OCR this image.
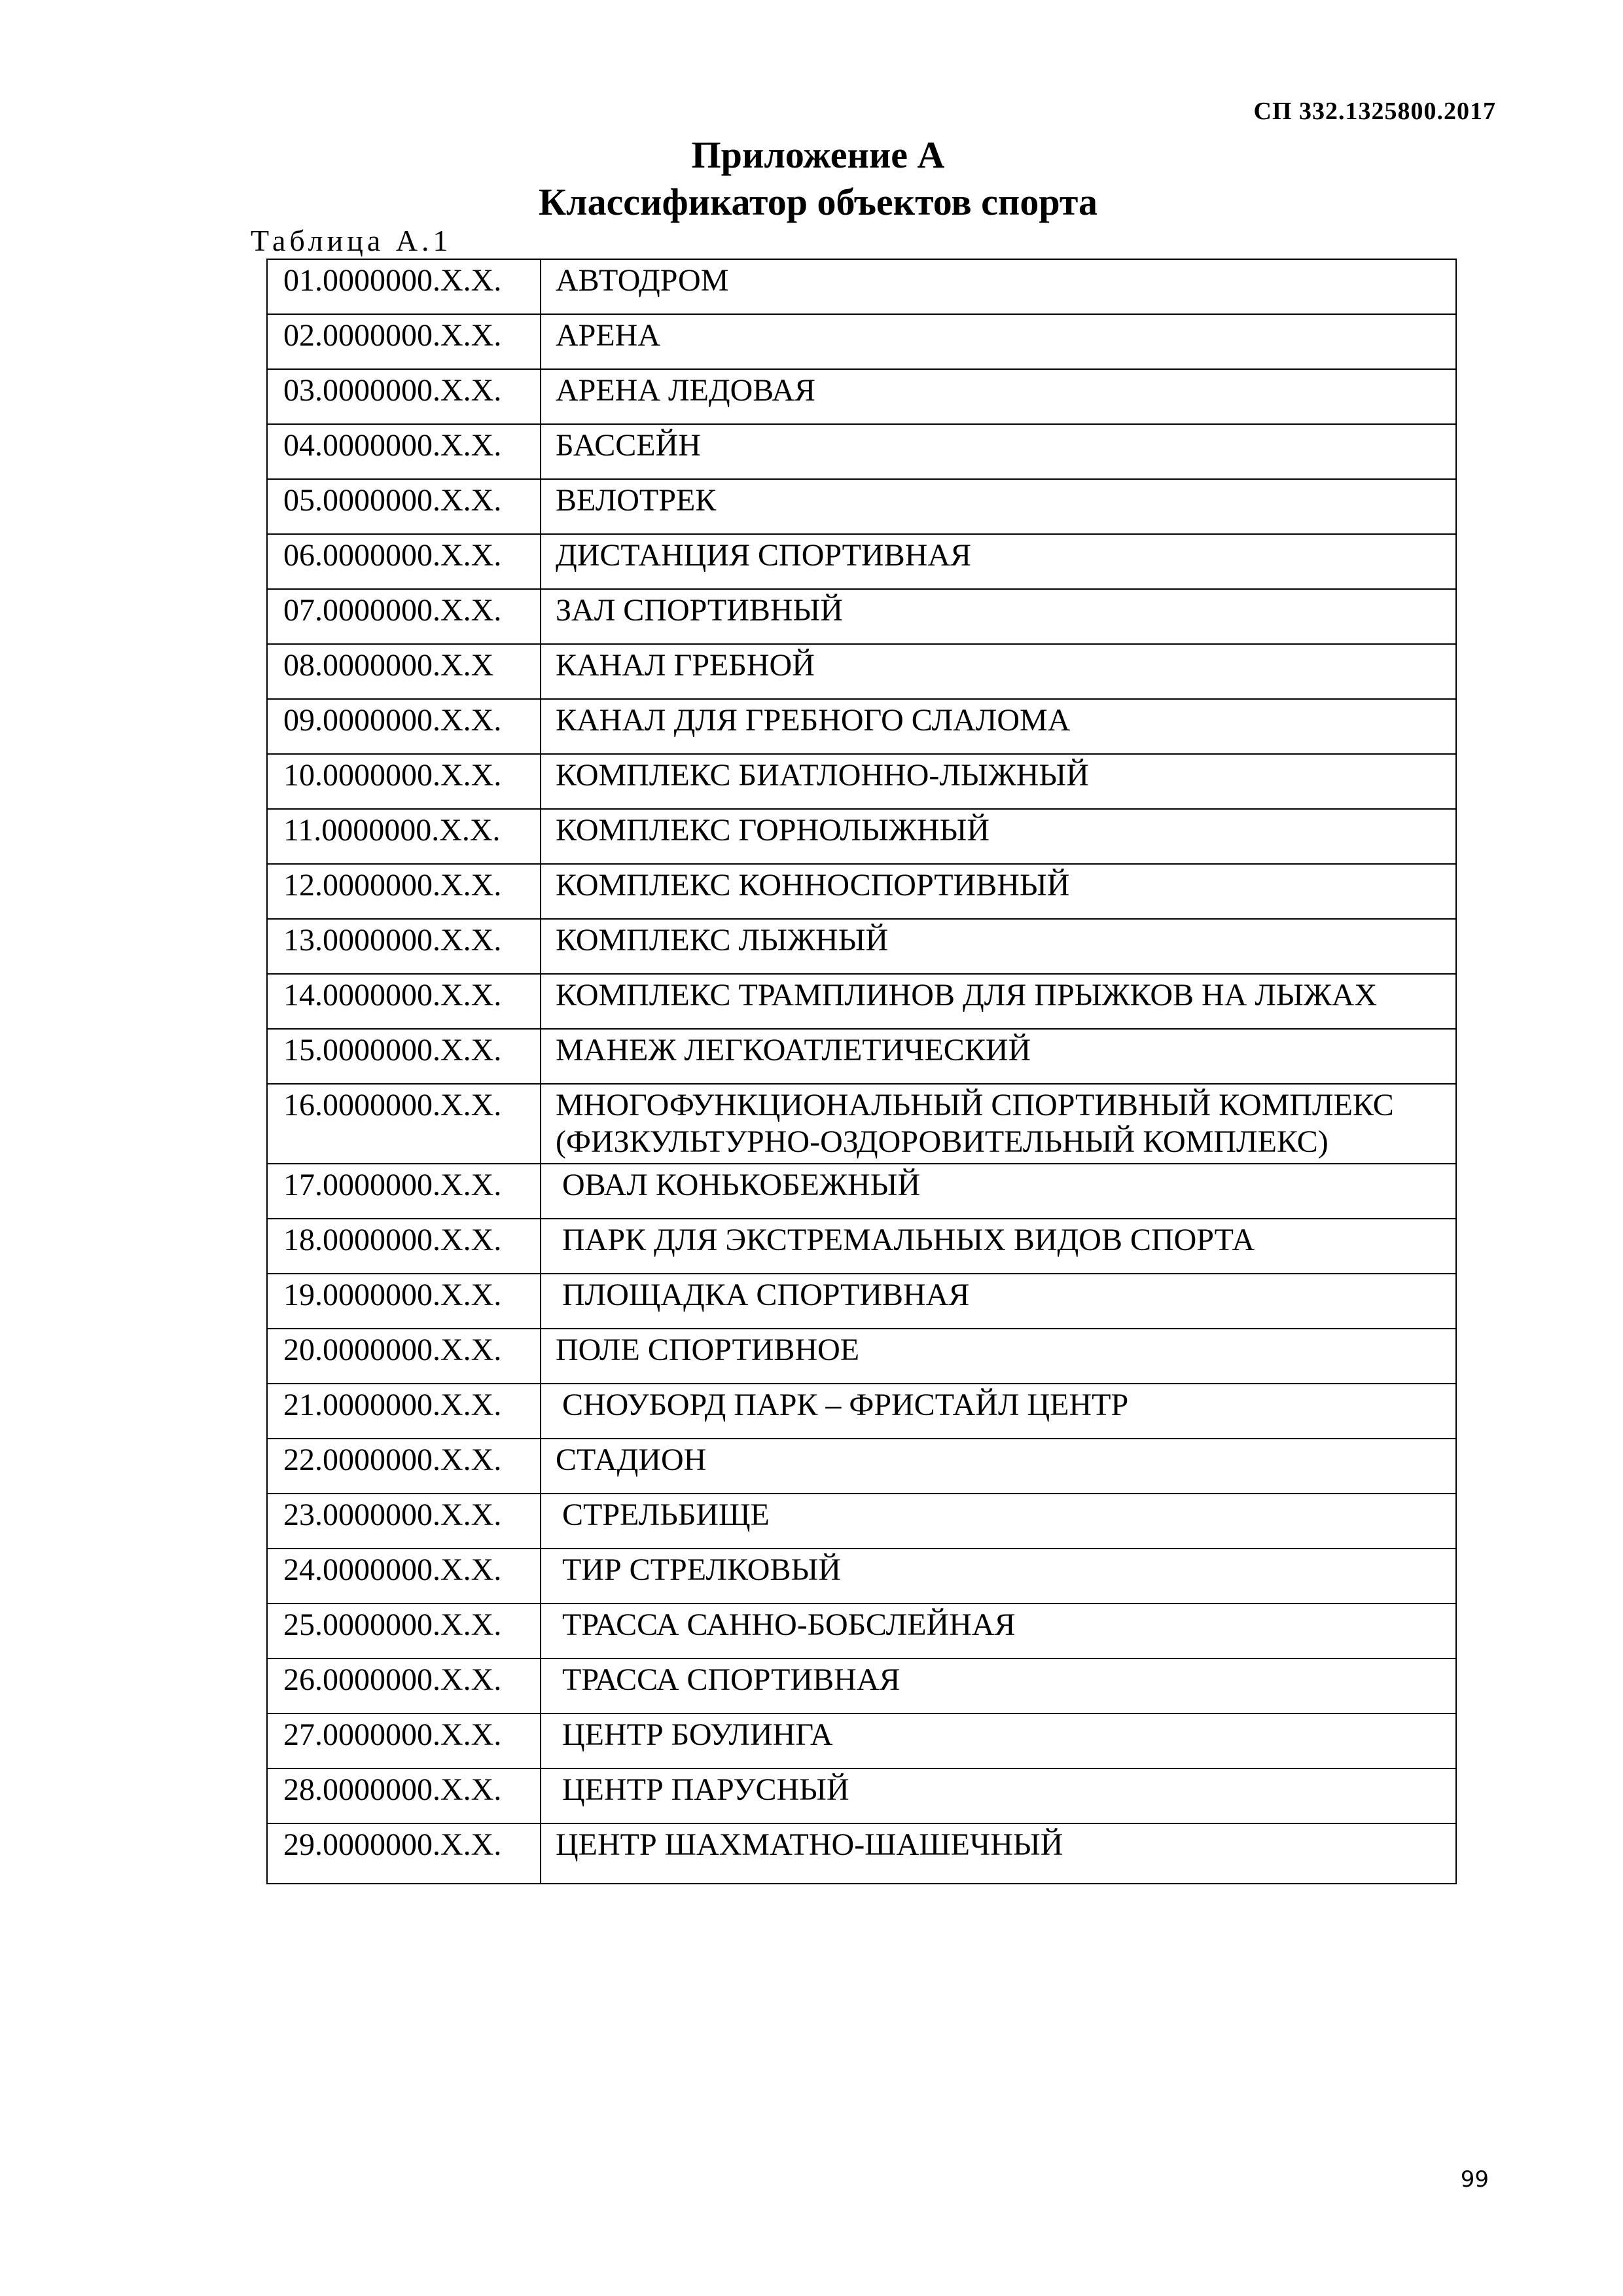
СП 332.1325800.2017
Приложение А
Классификатор объектов спорта
Таблица А.1
01.0000000.Х.Х.	АВТОДРОМ
02.0000000.Х.Х.	АРЕНА
03.0000000.Х.Х.	АРЕНА ЛЕДОВАЯ
04.0000000.Х.Х.	БАССЕЙН
05.0000000.Х.Х.	ВЕЛОТРЕК
06.0000000.Х.Х.	ДИСТАНЦИЯ СПОРТИВНАЯ
07.0000000.Х.Х.	ЗАЛ СПОРТИВНЫЙ
08.0000000.Х.Х	КАНАЛ ГРЕБНОЙ
09.0000000.Х.Х.	КАНАЛ ДЛЯ ГРЕБНОГО СЛАЛОМА
10.0000000.Х.Х.	КОМПЛЕКС БИАТЛОННО-ЛЫЖНЫЙ
11.0000000.Х.Х.	КОМПЛЕКС ГОРНОЛЫЖНЫЙ
12.0000000.Х.Х.	КОМПЛЕКС КОННОСПОРТИВНЫЙ
13.0000000.Х.Х.	КОМПЛЕКС ЛЫЖНЫЙ
14.0000000.Х.Х.	КОМПЛЕКС ТРАМПЛИНОВ ДЛЯ ПРЫЖКОВ НА ЛЫЖАХ
15.0000000.Х.Х.	МАНЕЖ ЛЕГКОАТЛЕТИЧЕСКИЙ
16.0000000.Х.Х.	МНОГОФУНКЦИОНАЛЬНЫЙ СПОРТИВНЫЙ КОМПЛЕКС
(ФИЗКУЛЬТУРНО-ОЗДОРОВИТЕЛЬНЫЙ КОМПЛЕКС)

17.0000000.Х.Х.	ОВАЛ КОНЬКОБЕЖНЫЙ
18.0000000.Х.Х.	ПАРК ДЛЯ ЭКСТРЕМАЛЬНЫХ ВИДОВ СПОРТА
19.0000000.Х.Х.	ПЛОЩАДКА СПОРТИВНАЯ
20.0000000.Х.Х.	ПОЛЕ СПОРТИВНОЕ
21.0000000.Х.Х.	СНОУБОРД ПАРК – ФРИСТАЙЛ ЦЕНТР
22.0000000.Х.Х.	СТАДИОН
23.0000000.Х.Х.	СТРЕЛЬБИЩЕ
24.0000000.Х.Х.	ТИР СТРЕЛКОВЫЙ
25.0000000.Х.Х.	ТРАССА САННО-БОБСЛЕЙНАЯ
26.0000000.Х.Х.	ТРАССА СПОРТИВНАЯ
27.0000000.Х.Х.	ЦЕНТР БОУЛИНГА
28.0000000.Х.Х.	ЦЕНТР ПАРУСНЫЙ
29.0000000.Х.Х.	ЦЕНТР ШАХМАТНО-ШАШЕЧНЫЙ
99
